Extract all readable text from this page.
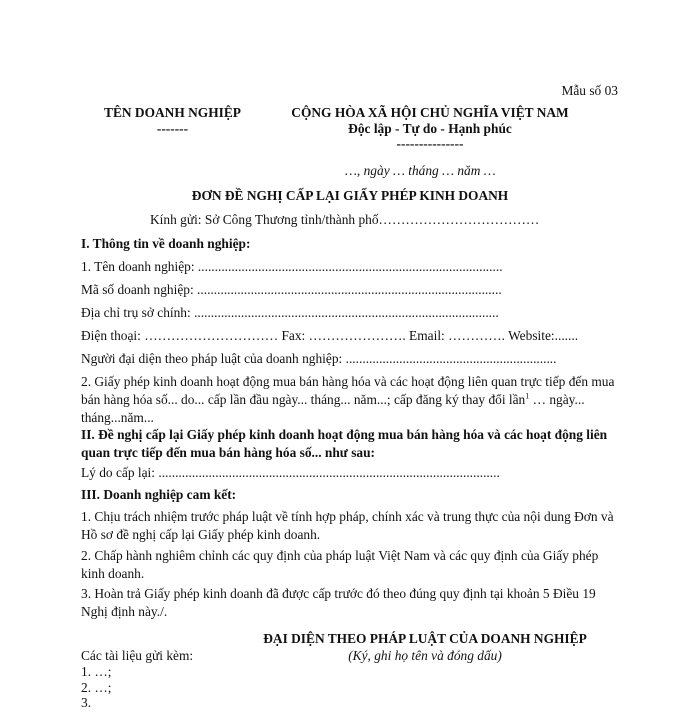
Mẫu số 03
TÊN DOANH NGHIỆP
-------
CỘNG HÒA XÃ HỘI CHỦ NGHĨA VIỆT NAM
Độc lập - Tự do - Hạnh phúc
---------------
…, ngày … tháng … năm …
ĐƠN ĐỀ NGHỊ CẤP LẠI GIẤY PHÉP KINH DOANH
Kính gửi: Sở Công Thương tỉnh/thành phố………………………………
I. Thông tin về doanh nghiệp:
1. Tên doanh nghiệp: ...........................................................................................
Mã số doanh nghiệp: ...........................................................................................
Địa chỉ trụ sở chính: ...........................................................................................
Điện thoại: ………………………… Fax: …………………. Email: …………. Website:.......
Người đại diện theo pháp luật của doanh nghiệp: ...............................................................
2. Giấy phép kinh doanh hoạt động mua bán hàng hóa và các hoạt động liên quan trực tiếp đến mua bán hàng hóa số... do... cấp lần đầu ngày... tháng... năm...; cấp đăng ký thay đổi lần$^1$ … ngày... tháng...năm...
II. Đề nghị cấp lại Giấy phép kinh doanh hoạt động mua bán hàng hóa và các hoạt động liên quan trực tiếp đến mua bán hàng hóa số... như sau:
Lý do cấp lại: ......................................................................................................
III. Doanh nghiệp cam kết:
1. Chịu trách nhiệm trước pháp luật về tính hợp pháp, chính xác và trung thực của nội dung Đơn và Hồ sơ đề nghị cấp lại Giấy phép kinh doanh.
2. Chấp hành nghiêm chỉnh các quy định của pháp luật Việt Nam và các quy định của Giấy phép kinh doanh.
3. Hoàn trả Giấy phép kinh doanh đã được cấp trước đó theo đúng quy định tại khoản 5 Điều 19 Nghị định này./.
ĐẠI DIỆN THEO PHÁP LUẬT CỦA DOANH NGHIỆP
(Ký, ghi họ tên và đóng dấu)
Các tài liệu gửi kèm:
1. …;
2. …;
3.
